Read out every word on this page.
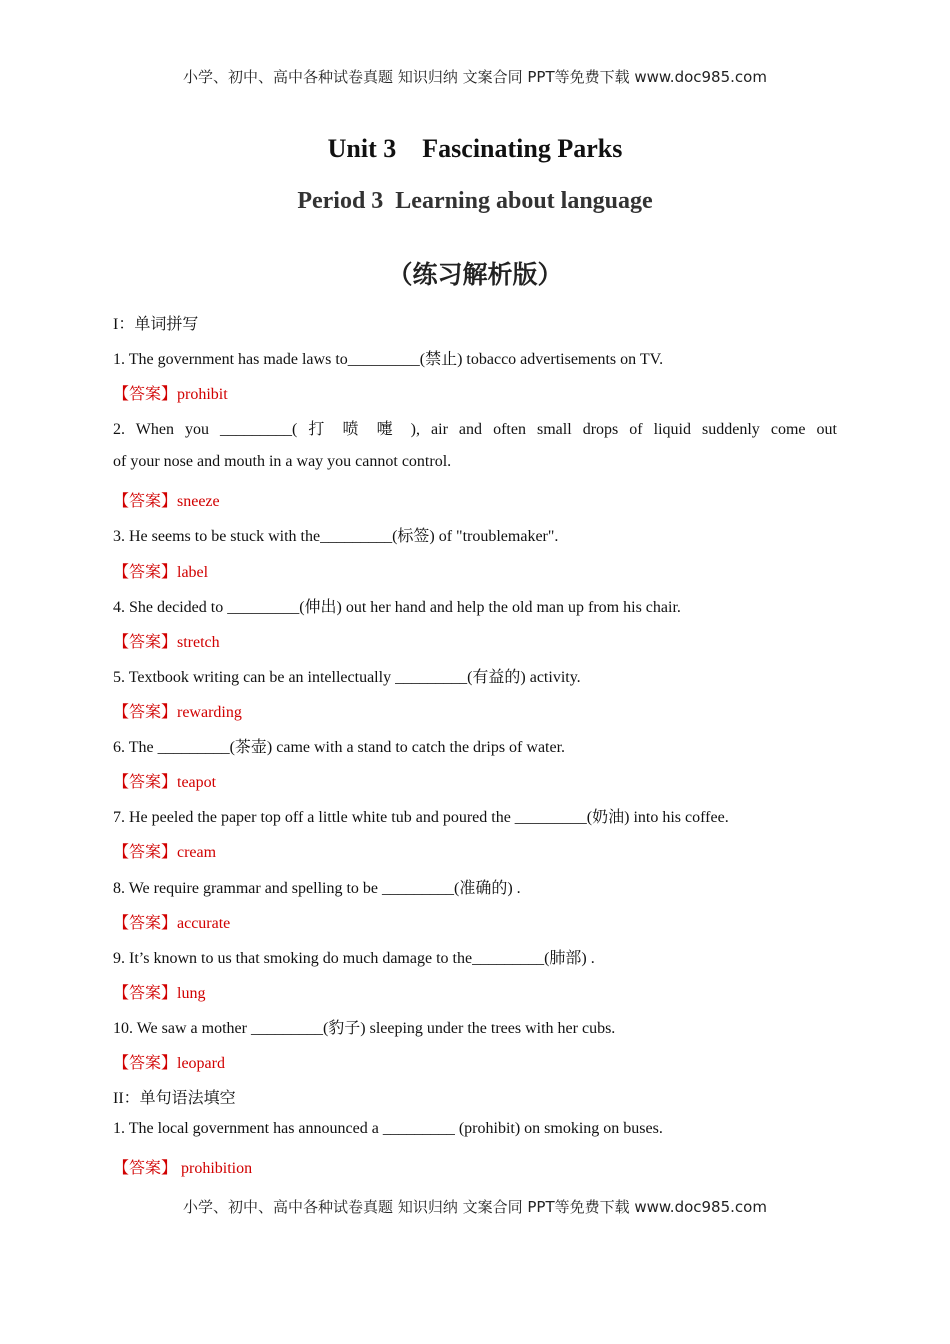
小学、初中、高中各种试卷真题 知识归纳 文案合同 PPT等免费下载 www.doc985.com
Unit 3    Fascinating Parks
Period 3  Learning about language
（练习解析版）
I：单词拼写
1. The government has made laws to_________(禁止) tobacco advertisements on TV.
【答案】prohibit
2. When you _________( 打 喷 嚏 ), air and often small drops of liquid suddenly come out
of your nose and mouth in a way you cannot control.
【答案】sneeze
3. He seems to be stuck with the_________(标签) of "troublemaker".
【答案】label
4. She decided to _________(伸出) out her hand and help the old man up from his chair.
【答案】stretch
5. Textbook writing can be an intellectually _________(有益的) activity.
【答案】rewarding
6. The _________(茶壶) came with a stand to catch the drips of water.
【答案】teapot
7. He peeled the paper top off a little white tub and poured the _________(奶油) into his coffee.
【答案】cream
8. We require grammar and spelling to be _________(准确的) .
【答案】accurate
9. It’s known to us that smoking do much damage to the_________(肺部) .
【答案】lung
10. We saw a mother _________(豹子) sleeping under the trees with her cubs.
【答案】leopard
II：单句语法填空
1. The local government has announced a _________ (prohibit) on smoking on buses.
【答案】 prohibition
小学、初中、高中各种试卷真题 知识归纳 文案合同 PPT等免费下载 www.doc985.com
